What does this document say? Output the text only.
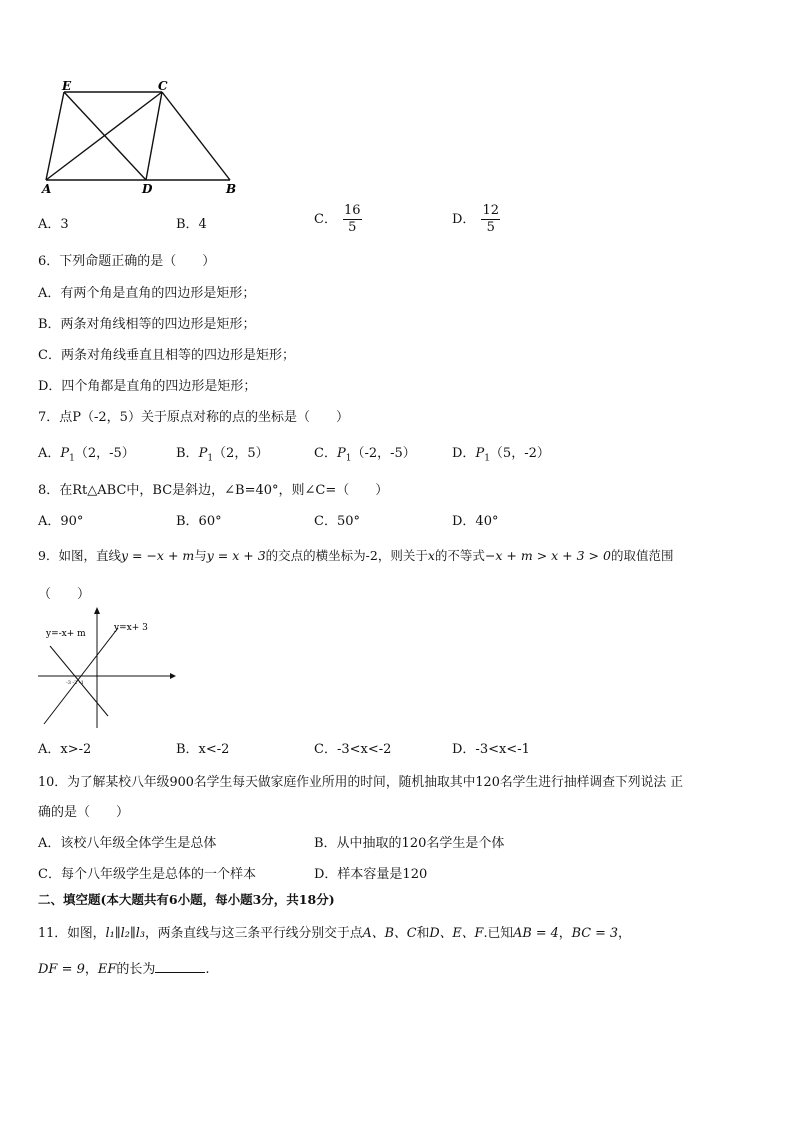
E	C
A	D	B
A．3	B．4	C． $\frac{16}{5}$	D． $\frac{12}{5}$
6．下列命题正确的是（　　）
A．有两个角是直角的四边形是矩形；
B．两条对角线相等的四边形是矩形；
C．两条对角线垂直且相等的四边形是矩形；
D．四个角都是直角的四边形是矩形；
7．点P（-2，5）关于原点对称的点的坐标是（　　）
A．$P_1(2$，-5）	B．$P_1(2$，5）	C．$P_1(-2$，-5）	D．$P_1(5$，-2）
8．在Rt△ABC中，BC是斜边，∠B=40°，则∠C=（　　）
A．90°	B．60°	C．50°	D．40°
9．如图，直线y = −x + m与y = x + 3的交点的横坐标为-2，则关于x的不等式−x + m > x + 3 > 0的取值范围
（　　）
y=-x+ m
y=x+ 3
-3 -2 -1
A．x>-2	B．x<-2	C．-3<x<-2	D．-3<x<-1
10．为了解某校八年级900名学生每天做家庭作业所用的时间，随机抽取其中120名学生进行抽样调查下列说法 正
确的是（　　）
A．该校八年级全体学生是总体	B．从中抽取的120名学生是个体
C．每个八年级学生是总体的一个样本	D．样本容量是120
二、填空题(本大题共有6小题，每小题3分，共18分)
11．如图，l₁∥l₂∥l₃，两条直线与这三条平行线分别交于点A、B、C和D、E、F.已知AB = 4，BC = 3，
DF = 9，EF的长为	.
